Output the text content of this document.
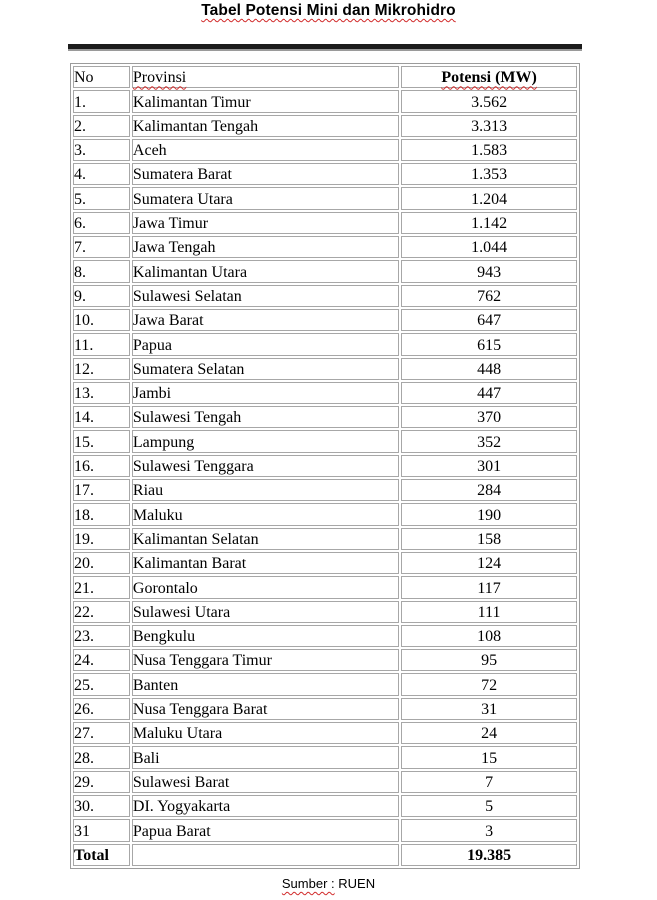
Tabel Potensi Mini dan Mikrohidro
No	Provinsi	Potensi (MW)
1.	Kalimantan Timur	3.562
2.	Kalimantan Tengah	3.313
3.	Aceh	1.583
4.	Sumatera Barat	1.353
5.	Sumatera Utara	1.204
6.	Jawa Timur	1.142
7.	Jawa Tengah	1.044
8.	Kalimantan Utara	943
9.	Sulawesi Selatan	762
10.	Jawa Barat	647
11.	Papua	615
12.	Sumatera Selatan	448
13.	Jambi	447
14.	Sulawesi Tengah	370
15.	Lampung	352
16.	Sulawesi Tenggara	301
17.	Riau	284
18.	Maluku	190
19.	Kalimantan Selatan	158
20.	Kalimantan Barat	124
21.	Gorontalo	117
22.	Sulawesi Utara	111
23.	Bengkulu	108
24.	Nusa Tenggara Timur	95
25.	Banten	72
26.	Nusa Tenggara Barat	31
27.	Maluku Utara	24
28.	Bali	15
29.	Sulawesi Barat	7
30.	DI. Yogyakarta	5
31	Papua Barat	3
Total		19.385
Sumber : RUEN
